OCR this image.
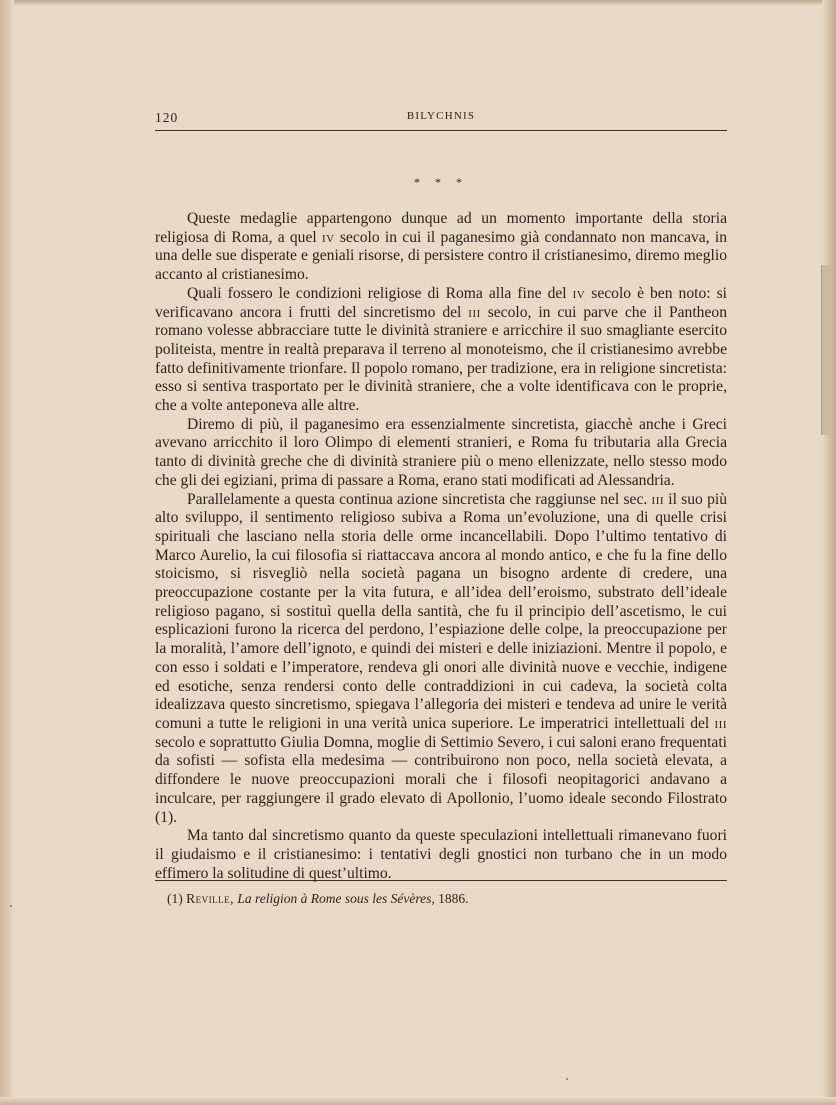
120	BILYCHNIS
* * *

Queste medaglie appartengono dunque ad un momento importante della storia religiosa di Roma, a quel iv secolo in cui il paganesimo già condannato non mancava, in una delle sue disperate e geniali risorse, di persistere contro il cristianesimo, diremo meglio accanto al cristianesimo.

Quali fossero le condizioni religiose di Roma alla fine del iv secolo è ben noto: si verificavano ancora i frutti del sincretismo del iii secolo, in cui parve che il Pantheon romano volesse abbracciare tutte le divinità straniere e arricchire il suo smagliante esercito politeista, mentre in realtà preparava il terreno al monoteismo, che il cristianesimo avrebbe fatto definitivamente trionfare. Il popolo romano, per tradizione, era in religione sincretista: esso si sentiva trasportato per le divinità straniere, che a volte identificava con le proprie, che a volte anteponeva alle altre.

Diremo di più, il paganesimo era essenzialmente sincretista, giacchè anche i Greci avevano arricchito il loro Olimpo di elementi stranieri, e Roma fu tributaria alla Grecia tanto di divinità greche che di divinità straniere più o meno ellenizzate, nello stesso modo che gli dei egiziani, prima di passare a Roma, erano stati modificati ad Alessandria.

Parallelamente a questa continua azione sincretista che raggiunse nel sec. iii il suo più alto sviluppo, il sentimento religioso subiva a Roma un’evoluzione, una di quelle crisi spirituali che lasciano nella storia delle orme incancellabili. Dopo l’ultimo tentativo di Marco Aurelio, la cui filosofia si riattaccava ancora al mondo antico, e che fu la fine dello stoicismo, si risvegliò nella società pagana un bisogno ardente di credere, una preoccupazione costante per la vita futura, e all’idea dell’eroismo, substrato dell’ideale religioso pagano, si sostituì quella della santità, che fu il principio dell’ascetismo, le cui esplicazioni furono la ricerca del perdono, l’espiazione delle colpe, la preoccupazione per la moralità, l’amore dell’ignoto, e quindi dei misteri e delle iniziazioni. Mentre il popolo, e con esso i soldati e l’imperatore, rendeva gli onori alle divinità nuove e vecchie, indigene ed esotiche, senza rendersi conto delle contraddizioni in cui cadeva, la società colta idealizzava questo sincretismo, spiegava l’allegoria dei misteri e tendeva ad unire le verità comuni a tutte le religioni in una verità unica superiore. Le imperatrici intellettuali del iii secolo e soprattutto Giulia Domna, moglie di Settimio Severo, i cui saloni erano frequentati da sofisti — sofista ella medesima — contribuirono non poco, nella società elevata, a diffondere le nuove preoccupazioni morali che i filosofi neopitagorici andavano a inculcare, per raggiungere il grado elevato di Apollonio, l’uomo ideale secondo Filostrato (1).

Ma tanto dal sincretismo quanto da queste speculazioni intellettuali rimanevano fuori il giudaismo e il cristianesimo: i tentativi degli gnostici non turbano che in un modo effimero la solitudine di quest’ultimo.

(1) Reville, La religion à Rome sous les Sévères, 1886.
